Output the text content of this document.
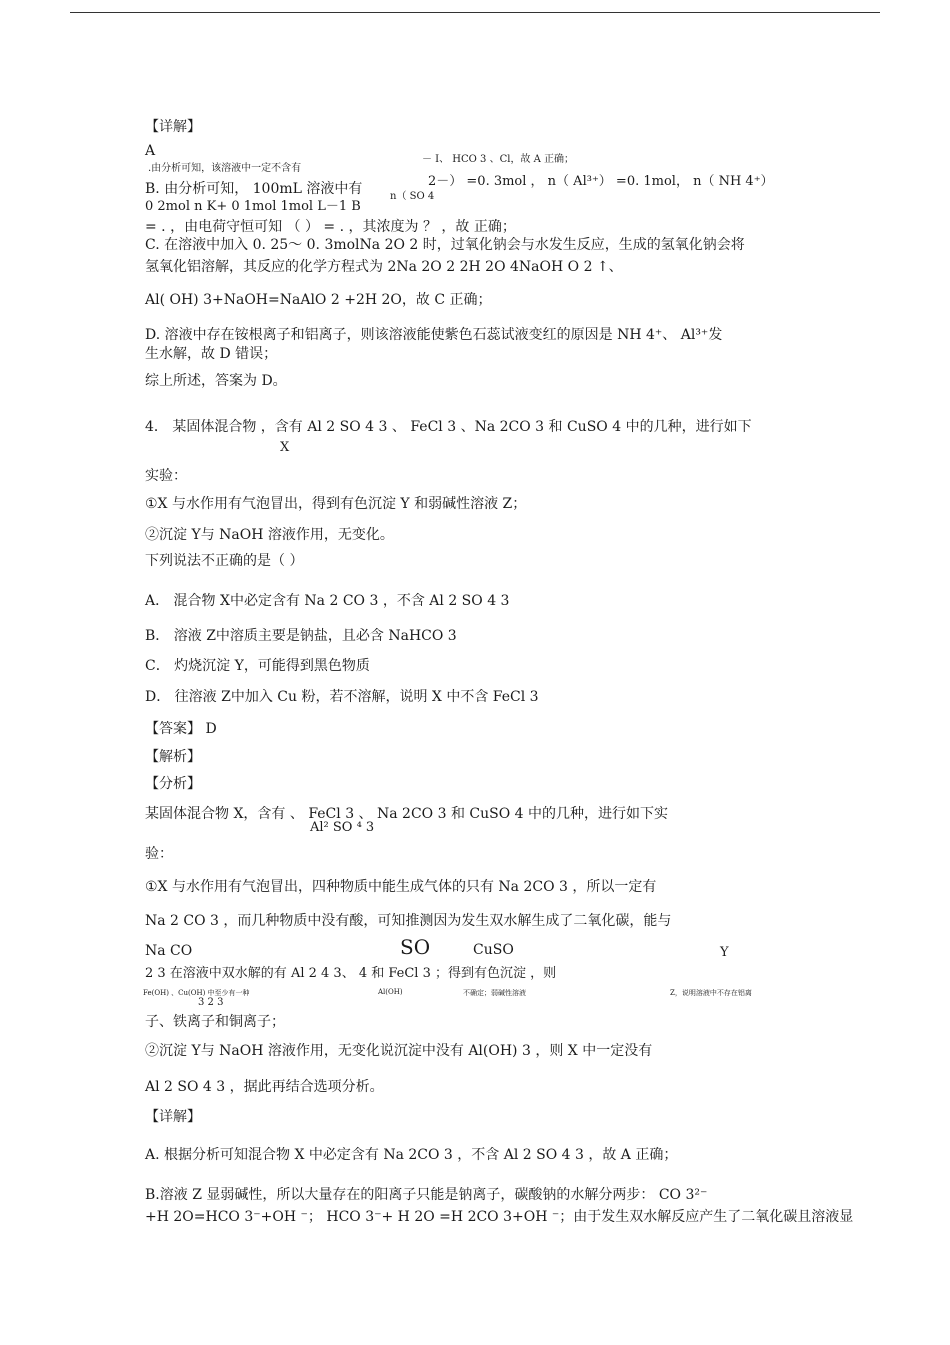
【详解】
A
.由分析可知，该溶液中一定不含有
－ I、 HCO 3 、Cl，故 A 正确；
B. 由分析可知， 100mL 溶液中有	n（ SO 4
2－） =0. 3mol ， n（ Al³⁺） =0. 1mol， n（ NH 4⁺）
0 2mol n K+ 0 1mol 1mol L－1 B
= . ，由电荷守恒可知 （ ） = . ，其浓度为 ？ ，故 正确；
C. 在溶液中加入 0. 25～ 0. 3molNa 2O 2 时，过氧化钠会与水发生反应，生成的氢氧化钠会将
氢氧化铝溶解，其反应的化学方程式为 2Na 2O 2 2H 2O 4NaOH O 2 ↑、
Al( OH) 3+NaOH=NaAlO 2 +2H 2O，故 C 正确；
D. 溶液中存在铵根离子和铝离子，则该溶液能使紫色石蕊试液变红的原因是 NH 4⁺、 Al³⁺发
生水解，故 D 错误；
综上所述，答案为 D。
4． 某固体混合物 ，含有 Al 2 SO 4 3 、 FeCl 3 、Na 2CO 3 和 CuSO 4 中的几种，进行如下
X
实验：
①X 与水作用有气泡冒出，得到有色沉淀 Y 和弱碱性溶液 Z；
②沉淀 Y与 NaOH 溶液作用，无变化。
下列说法不正确的是（ ）
A． 混合物 X中必定含有 Na 2 CO 3 ，不含 Al 2 SO 4 3
B． 溶液 Z中溶质主要是钠盐，且必含 NaHCO 3
C． 灼烧沉淀 Y，可能得到黑色物质
D． 往溶液 Z中加入 Cu 粉，若不溶解，说明 X 中不含 FeCl 3
【答案】 D
【解析】
【分析】
某固体混合物 X，含有 、 FeCl 3 、 Na 2CO 3 和 CuSO 4 中的几种，进行如下实
Al² SO ⁴ 3
验：
①X 与水作用有气泡冒出，四种物质中能生成气体的只有 Na 2CO 3 ，所以一定有
Na 2 CO 3 ，而几种物质中没有酸，可知推测因为发生双水解生成了二氧化碳，能与
Na CO	SO	CuSO	Y
2 3 在溶液中双水解的有 Al 2 4 3、 4 和 FeCl 3 ；得到有色沉淀 ，则
Fe(OH) 、Cu(OH) 中至少有一种	Al(OH)	不确定；弱碱性溶液	Z，说明溶液中不存在铝离
3 2 3
子、铁离子和铜离子；
②沉淀 Y与 NaOH 溶液作用，无变化说沉淀中没有 Al(OH) 3 ，则 X 中一定没有
Al 2 SO 4 3 ，据此再结合选项分析。
【详解】
A. 根据分析可知混合物 X 中必定含有 Na 2CO 3 ，不含 Al 2 SO 4 3 ，故 A 正确；
B.溶液 Z 显弱碱性，所以大量存在的阳离子只能是钠离子，碳酸钠的水解分两步： CO 3²⁻
+H 2O=HCO 3⁻+OH ⁻； HCO 3⁻+ H 2O =H 2CO 3+OH ⁻；由于发生双水解反应产生了二氧化碳且溶液显
